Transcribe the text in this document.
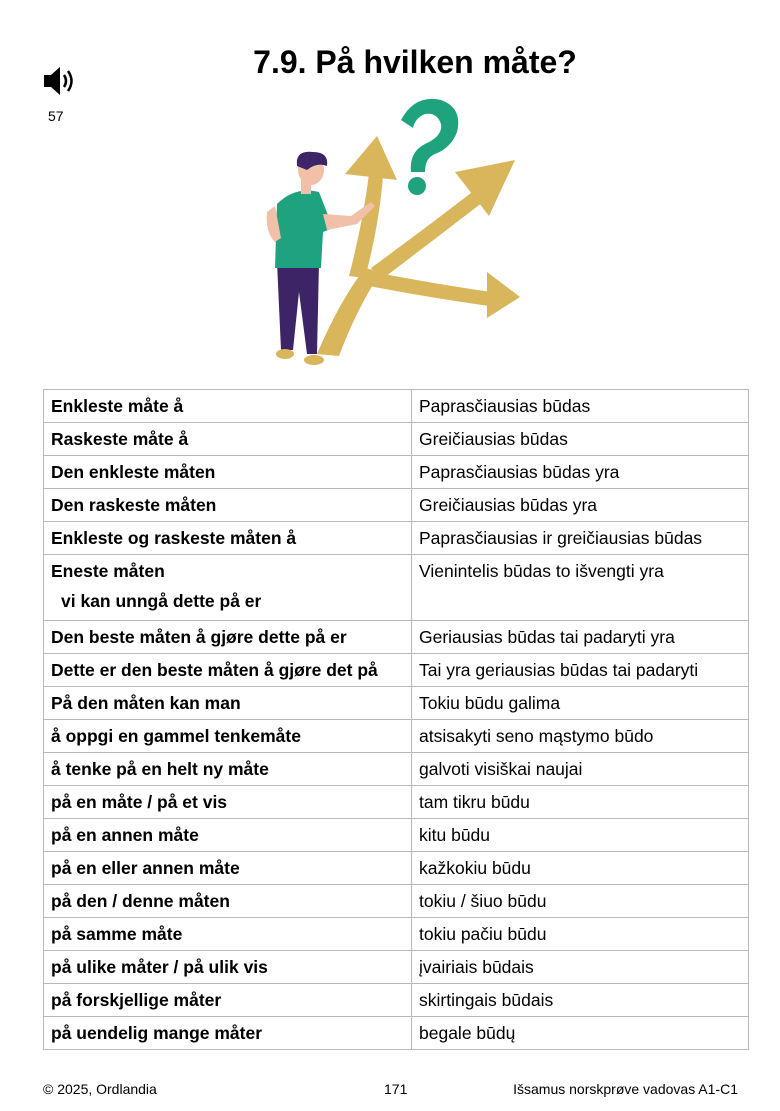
7.9. På hvilken måte?
57
Enkleste måte å	Paprasčiausias būdas
Raskeste måte å	Greičiausias būdas
Den enkleste måten	Paprasčiausias būdas yra
Den raskeste måten	Greičiausias būdas yra
Enkleste og raskeste måten å	Paprasčiausias ir greičiausias būdas
Eneste måten
vi kan unngå dette på er	Vienintelis būdas to išvengti yra
Den beste måten å gjøre dette på er	Geriausias būdas tai padaryti yra
Dette er den beste måten å gjøre det på	Tai yra geriausias būdas tai padaryti
På den måten kan man	Tokiu būdu galima
å oppgi en gammel tenkemåte	atsisakyti seno mąstymo būdo
å tenke på en helt ny måte	galvoti visiškai naujai
på en måte / på et vis	tam tikru būdu
på en annen måte	kitu būdu
på en eller annen måte	kažkokiu būdu
på den / denne måten	tokiu / šiuo būdu
på samme måte	tokiu pačiu būdu
på ulike måter / på ulik vis	įvairiais būdais
på forskjellige måter	skirtingais būdais
på uendelig mange måter	begale būdų
© 2025, Ordlandia	171	Išsamus norskprøve vadovas A1-C1
